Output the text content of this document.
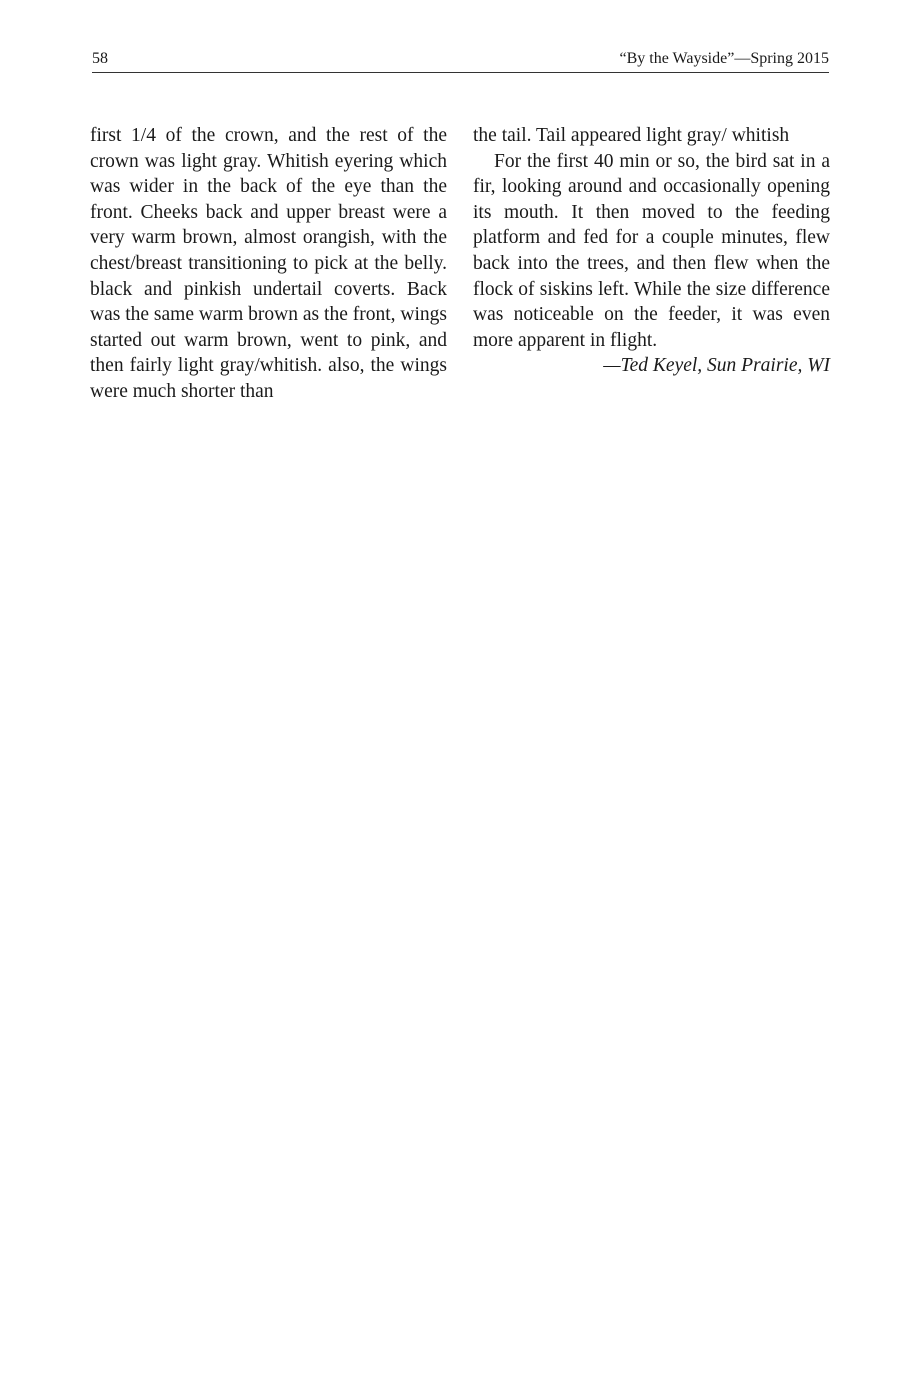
58	“By the Wayside”—Spring 2015

first 1/4 of the crown, and the rest of the crown was light gray. Whitish eyering which was wider in the back of the eye than the front. Cheeks back and upper breast were a very warm brown, almost orangish, with the chest/breast transitioning to pick at the belly. black and pinkish undertail coverts. Back was the same warm brown as the front, wings started out warm brown, went to pink, and then fairly light gray/whitish. also, the wings were much shorter than

the tail. Tail appeared light gray/ whitish

For the first 40 min or so, the bird sat in a fir, looking around and occasionally opening its mouth. It then moved to the feeding platform and fed for a couple minutes, flew back into the trees, and then flew when the flock of siskins left. While the size difference was noticeable on the feeder, it was even more apparent in flight.

—Ted Keyel, Sun Prairie, WI
